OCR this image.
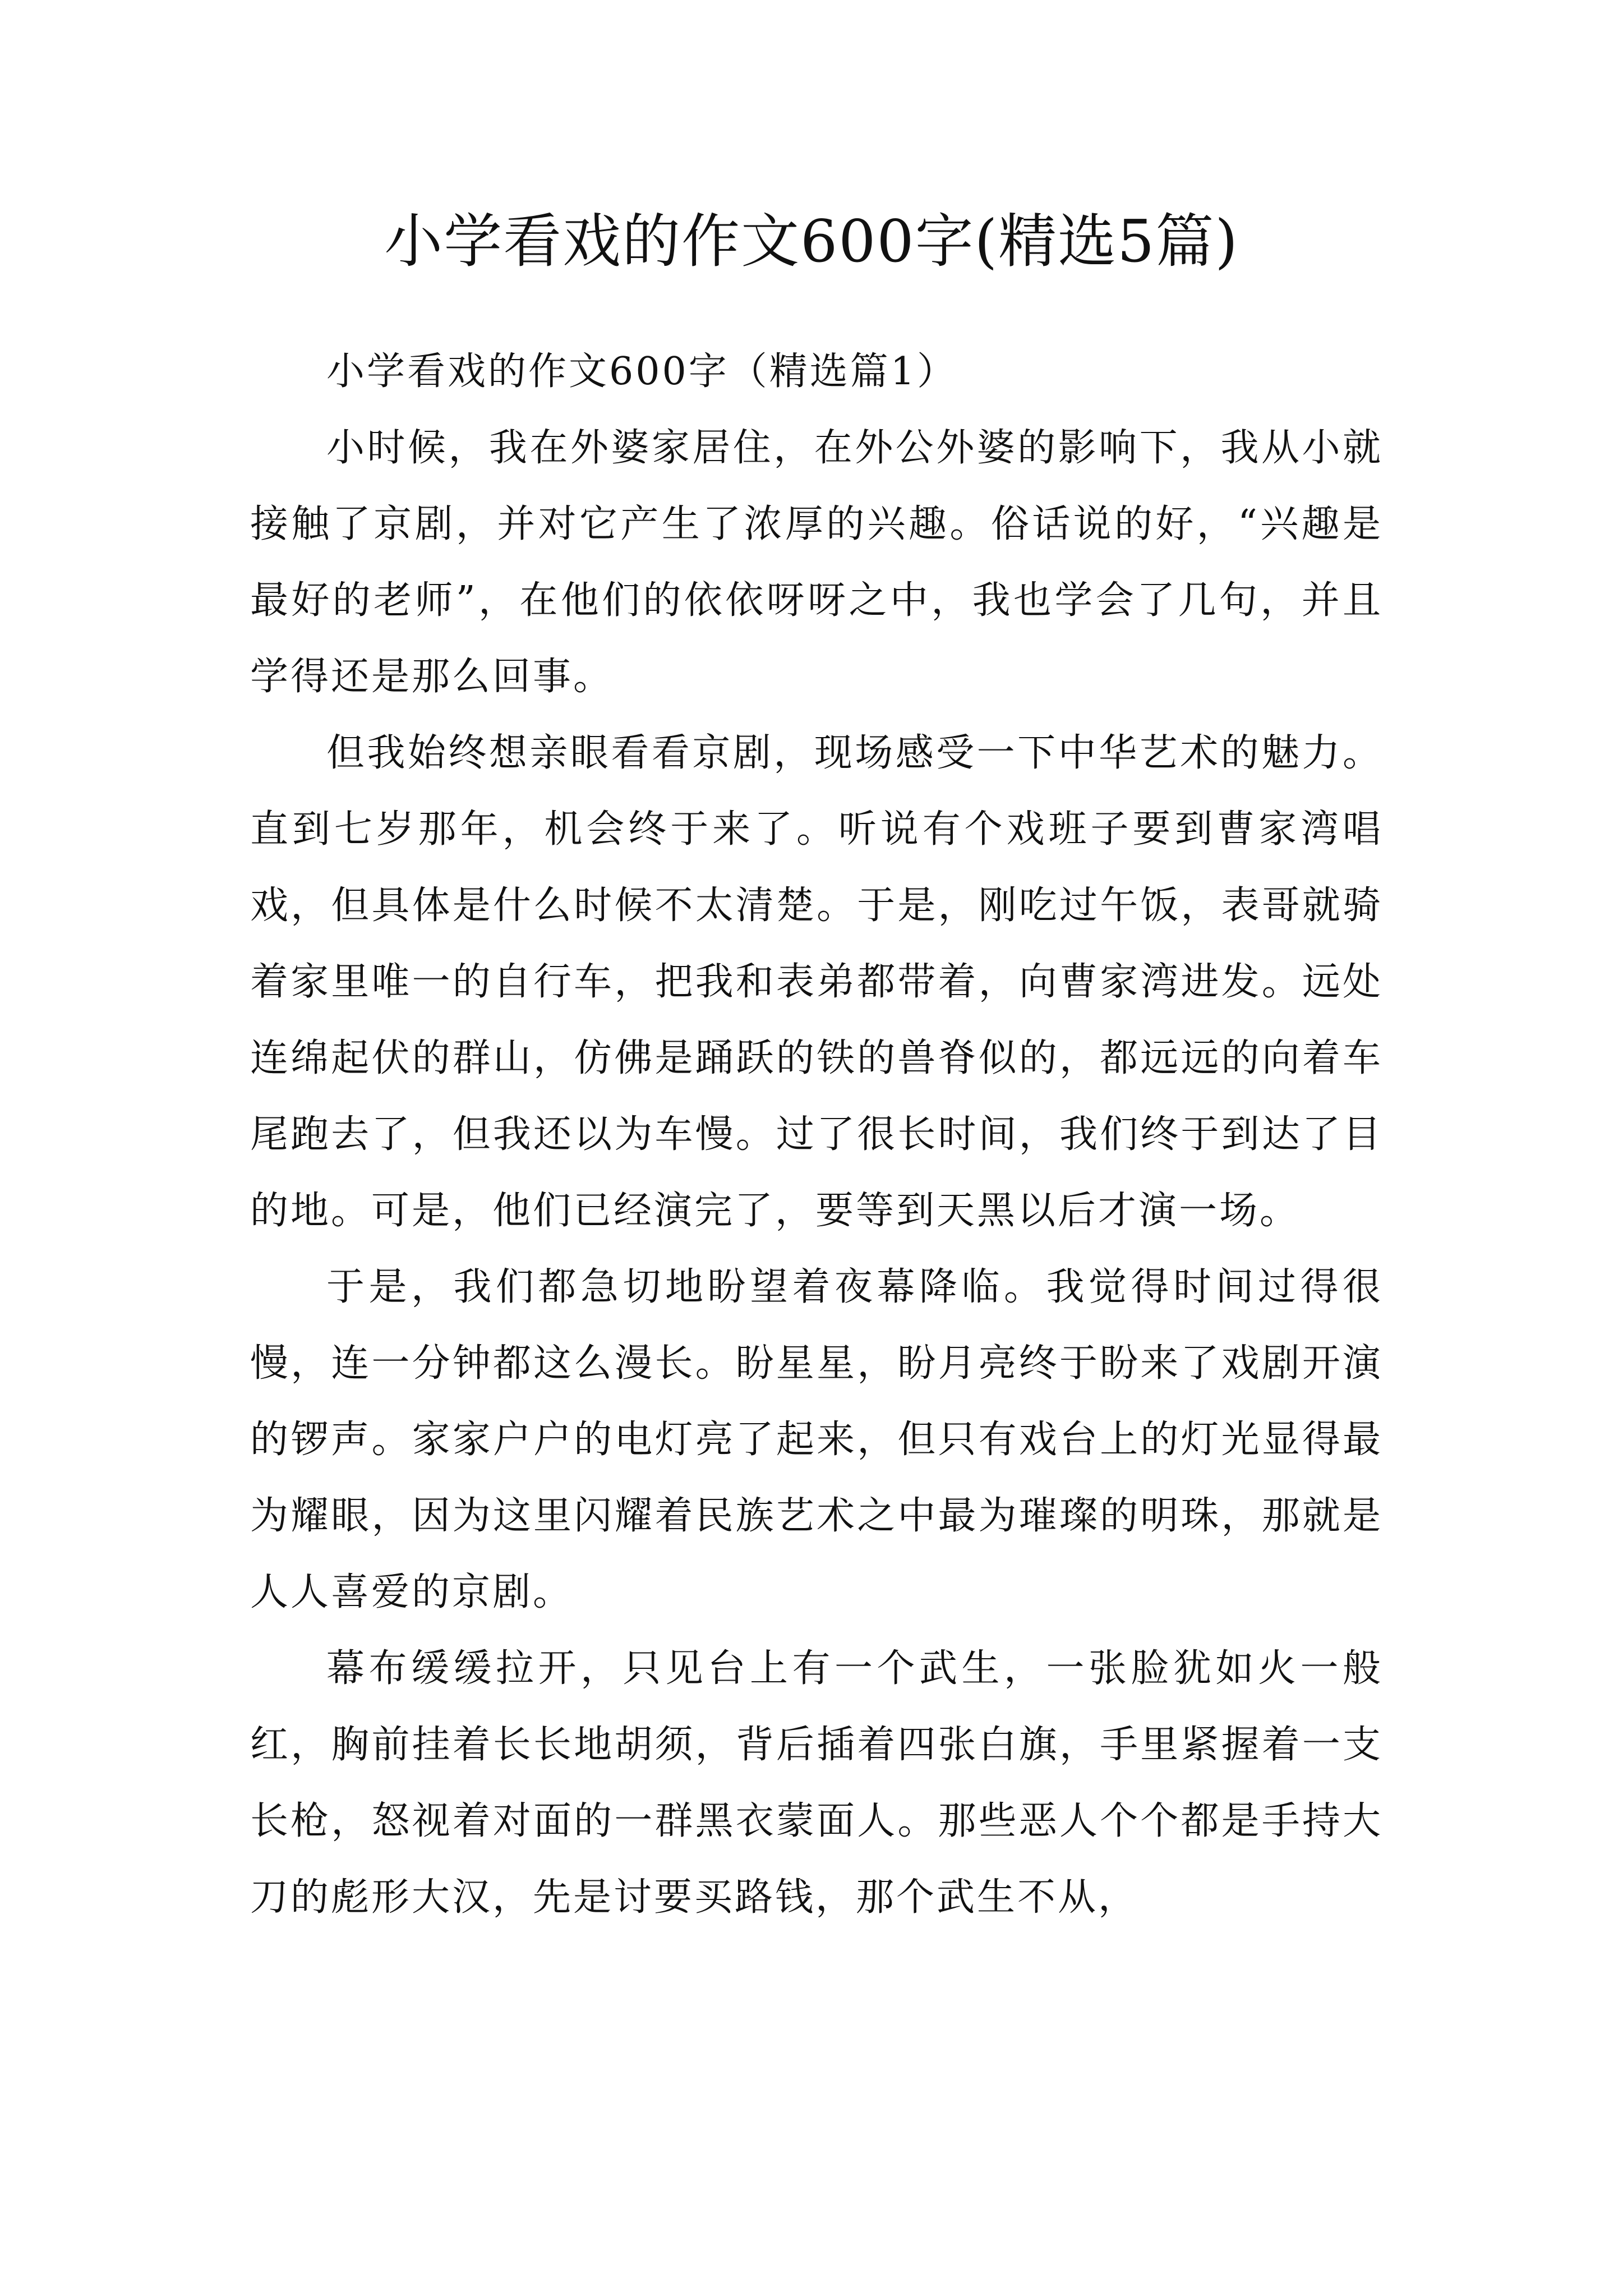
小学看戏的作文600字(精选5篇)

小学看戏的作文600字（精选篇1）

小时候，我在外婆家居住，在外公外婆的影响下，我从小就接触了京剧，并对它产生了浓厚的兴趣。俗话说的好，“兴趣是最好的老师”，在他们的依依呀呀之中，我也学会了几句，并且学得还是那么回事。

但我始终想亲眼看看京剧，现场感受一下中华艺术的魅力。直到七岁那年，机会终于来了。听说有个戏班子要到曹家湾唱戏，但具体是什么时候不太清楚。于是，刚吃过午饭，表哥就骑着家里唯一的自行车，把我和表弟都带着，向曹家湾进发。远处连绵起伏的群山，仿佛是踊跃的铁的兽脊似的，都远远的向着车尾跑去了，但我还以为车慢。过了很长时间，我们终于到达了目的地。可是，他们已经演完了，要等到天黑以后才演一场。

于是，我们都急切地盼望着夜幕降临。我觉得时间过得很慢，连一分钟都这么漫长。盼星星，盼月亮终于盼来了戏剧开演的锣声。家家户户的电灯亮了起来，但只有戏台上的灯光显得最为耀眼，因为这里闪耀着民族艺术之中最为璀璨的明珠，那就是人人喜爱的京剧。

幕布缓缓拉开，只见台上有一个武生，一张脸犹如火一般红，胸前挂着长长地胡须，背后插着四张白旗，手里紧握着一支长枪，怒视着对面的一群黑衣蒙面人。那些恶人个个都是手持大刀的彪形大汉，先是讨要买路钱，那个武生不从，
